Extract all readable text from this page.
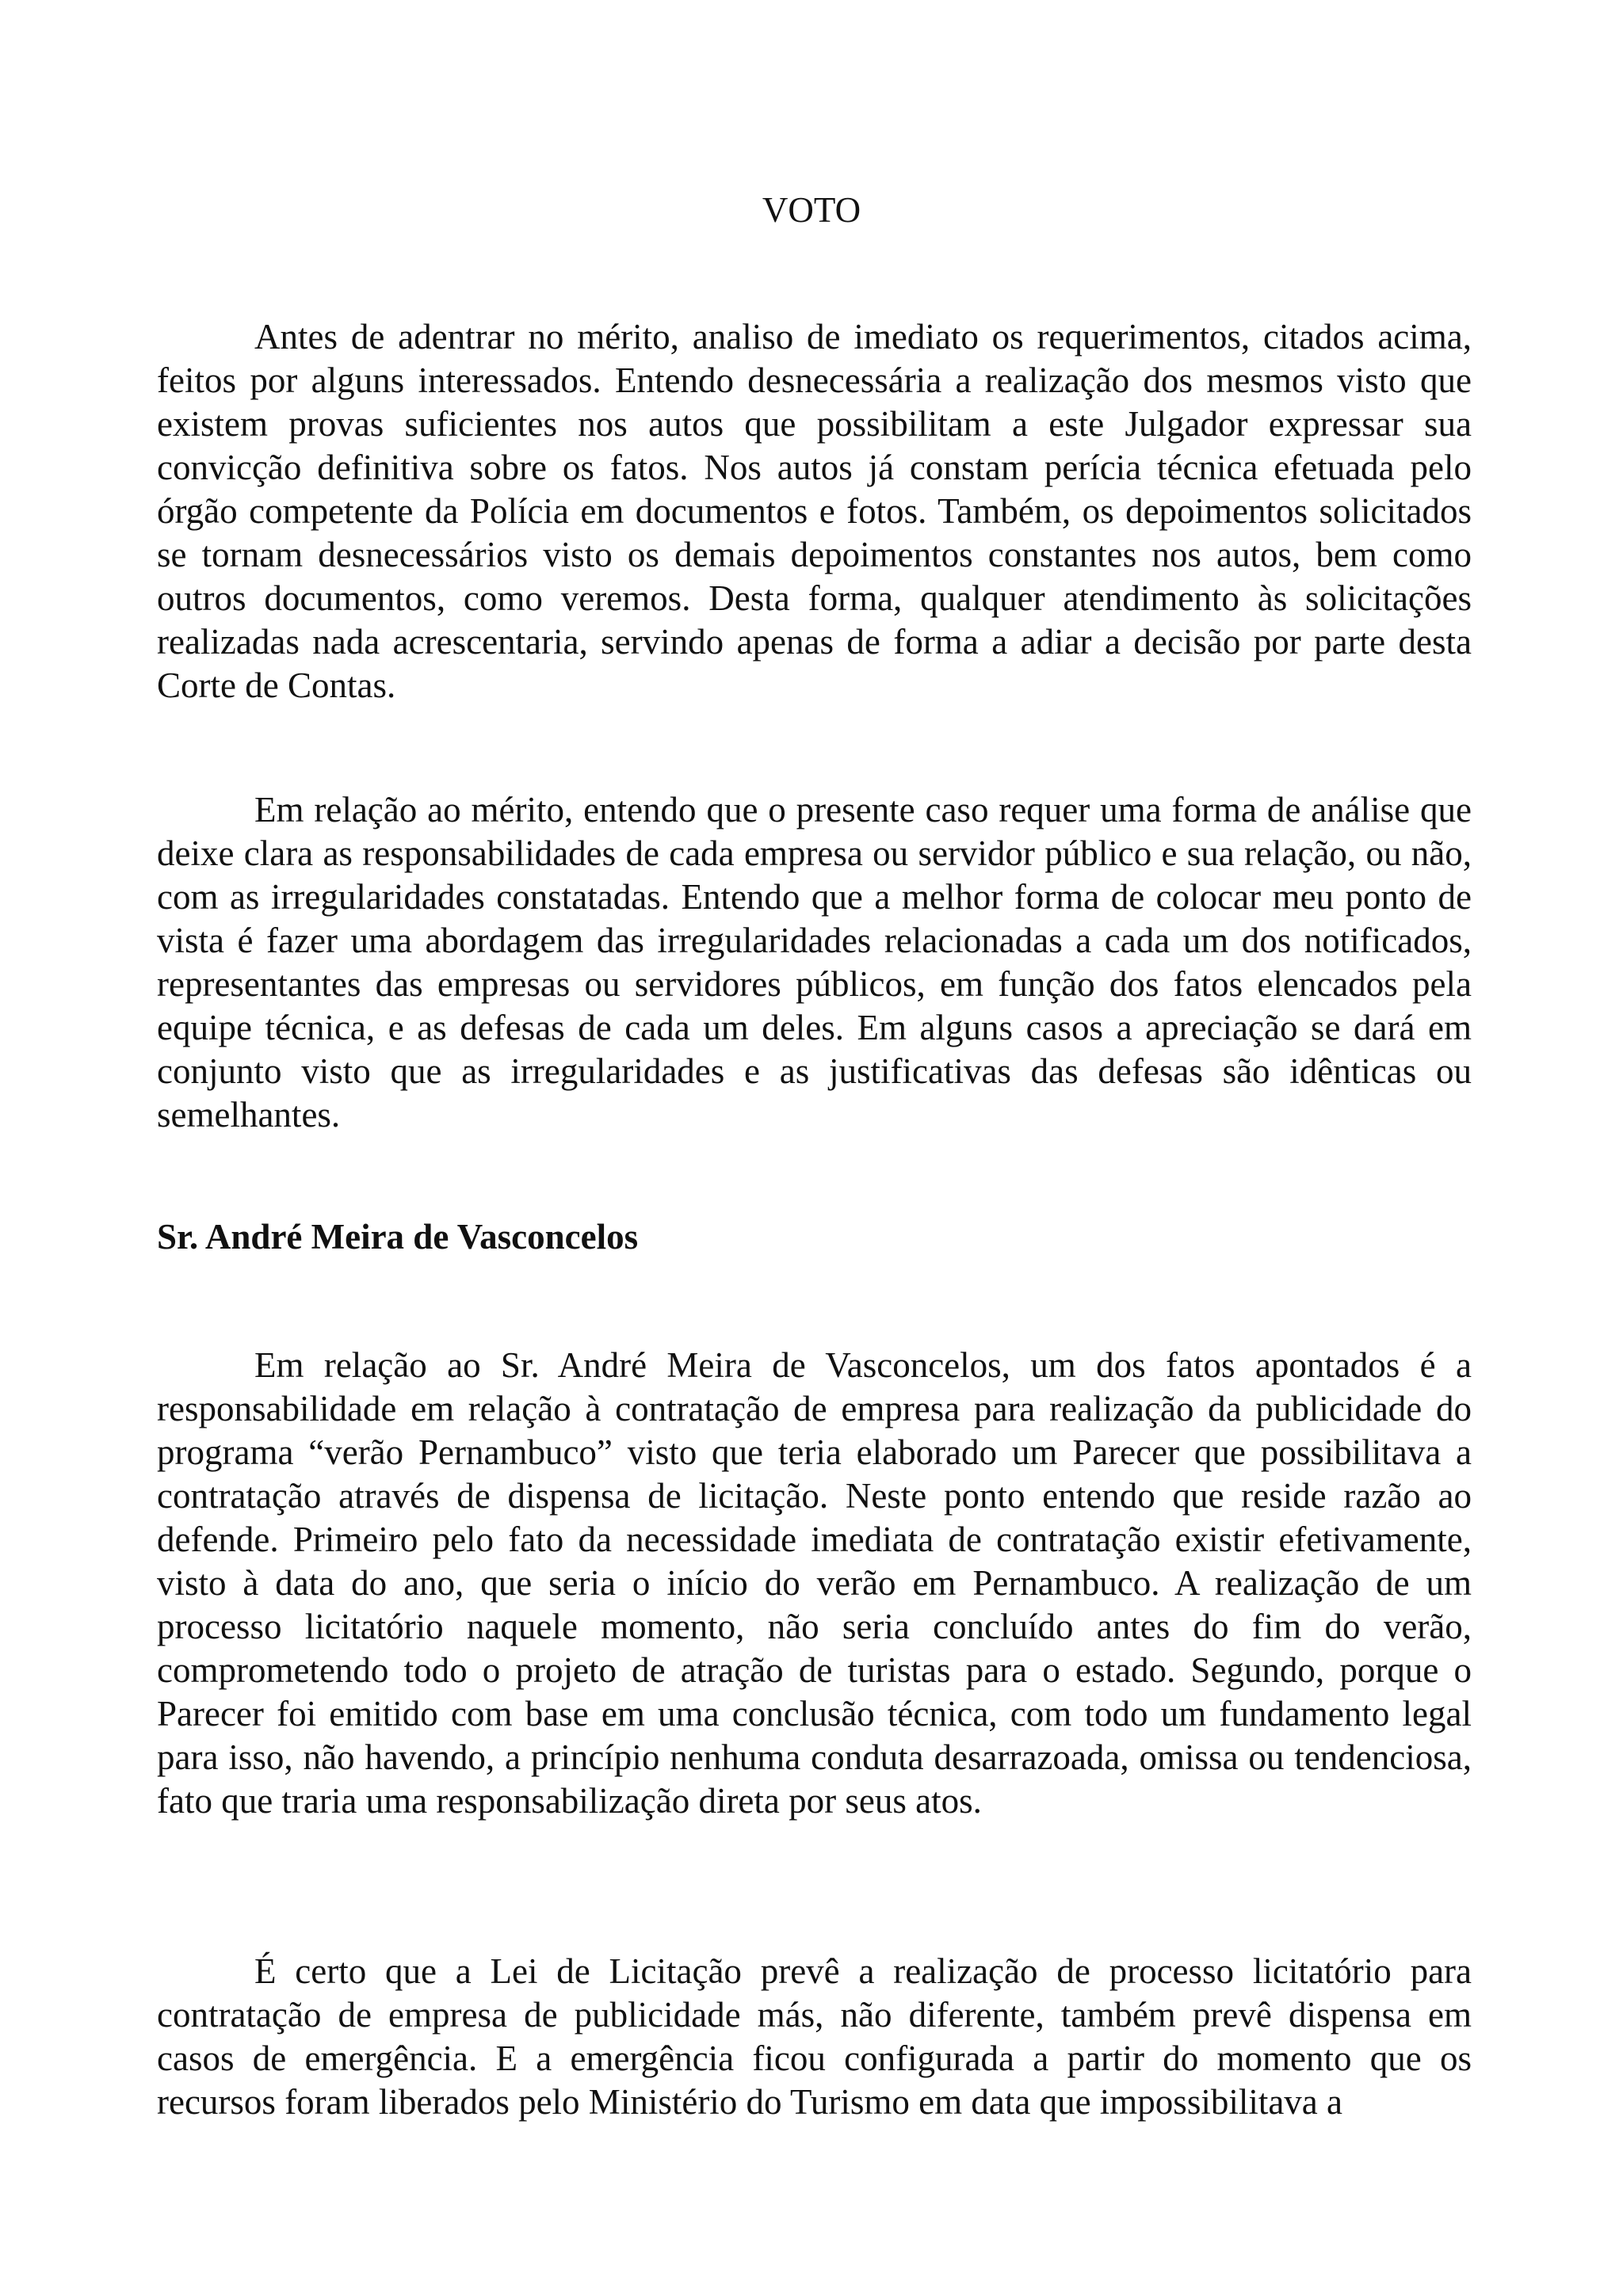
VOTO

Antes de adentrar no mérito, analiso de imediato os requerimentos, citados acima, feitos por alguns interessados. Entendo desnecessária a realização dos mesmos visto que existem provas suficientes nos autos que possibilitam a este Julgador expressar sua convicção definitiva sobre os fatos. Nos autos já constam perícia técnica efetuada pelo órgão competente da Polícia em documentos e fotos. Também, os depoimentos solicitados se tornam desnecessários visto os demais depoimentos constantes nos autos, bem como outros documentos, como veremos. Desta forma, qualquer atendimento às solicitações realizadas nada acrescentaria, servindo apenas de forma a adiar a decisão por parte desta Corte de Contas.

Em relação ao mérito, entendo que o presente caso requer uma forma de análise que deixe clara as responsabilidades de cada empresa ou servidor público e sua relação, ou não, com as irregularidades constatadas. Entendo que a melhor forma de colocar meu ponto de vista é fazer uma abordagem das irregularidades relacionadas a cada um dos notificados, representantes das empresas ou servidores públicos, em função dos fatos elencados pela equipe técnica, e as defesas de cada um deles. Em alguns casos a apreciação se dará em conjunto visto que as irregularidades e as justificativas das defesas são idênticas ou semelhantes.

Sr. André Meira de Vasconcelos

Em relação ao Sr. André Meira de Vasconcelos, um dos fatos apontados é a responsabilidade em relação à contratação de empresa para realização da publicidade do programa “verão Pernambuco” visto que teria elaborado um Parecer que possibilitava a contratação através de dispensa de licitação. Neste ponto entendo que reside razão ao defende. Primeiro pelo fato da necessidade imediata de contratação existir efetivamente, visto à data do ano, que seria o início do verão em Pernambuco. A realização de um processo licitatório naquele momento, não seria concluído antes do fim do verão, comprometendo todo o projeto de atração de turistas para o estado. Segundo, porque o Parecer foi emitido com base em uma conclusão técnica, com todo um fundamento legal para isso, não havendo, a princípio nenhuma conduta desarrazoada, omissa ou tendenciosa, fato que traria uma responsabilização direta por seus atos.

É certo que a Lei de Licitação prevê a realização de processo licitatório para contratação de empresa de publicidade más, não diferente, também prevê dispensa em casos de emergência. E a emergência ficou configurada a partir do momento que os recursos foram liberados pelo Ministério do Turismo em data que impossibilitava a
